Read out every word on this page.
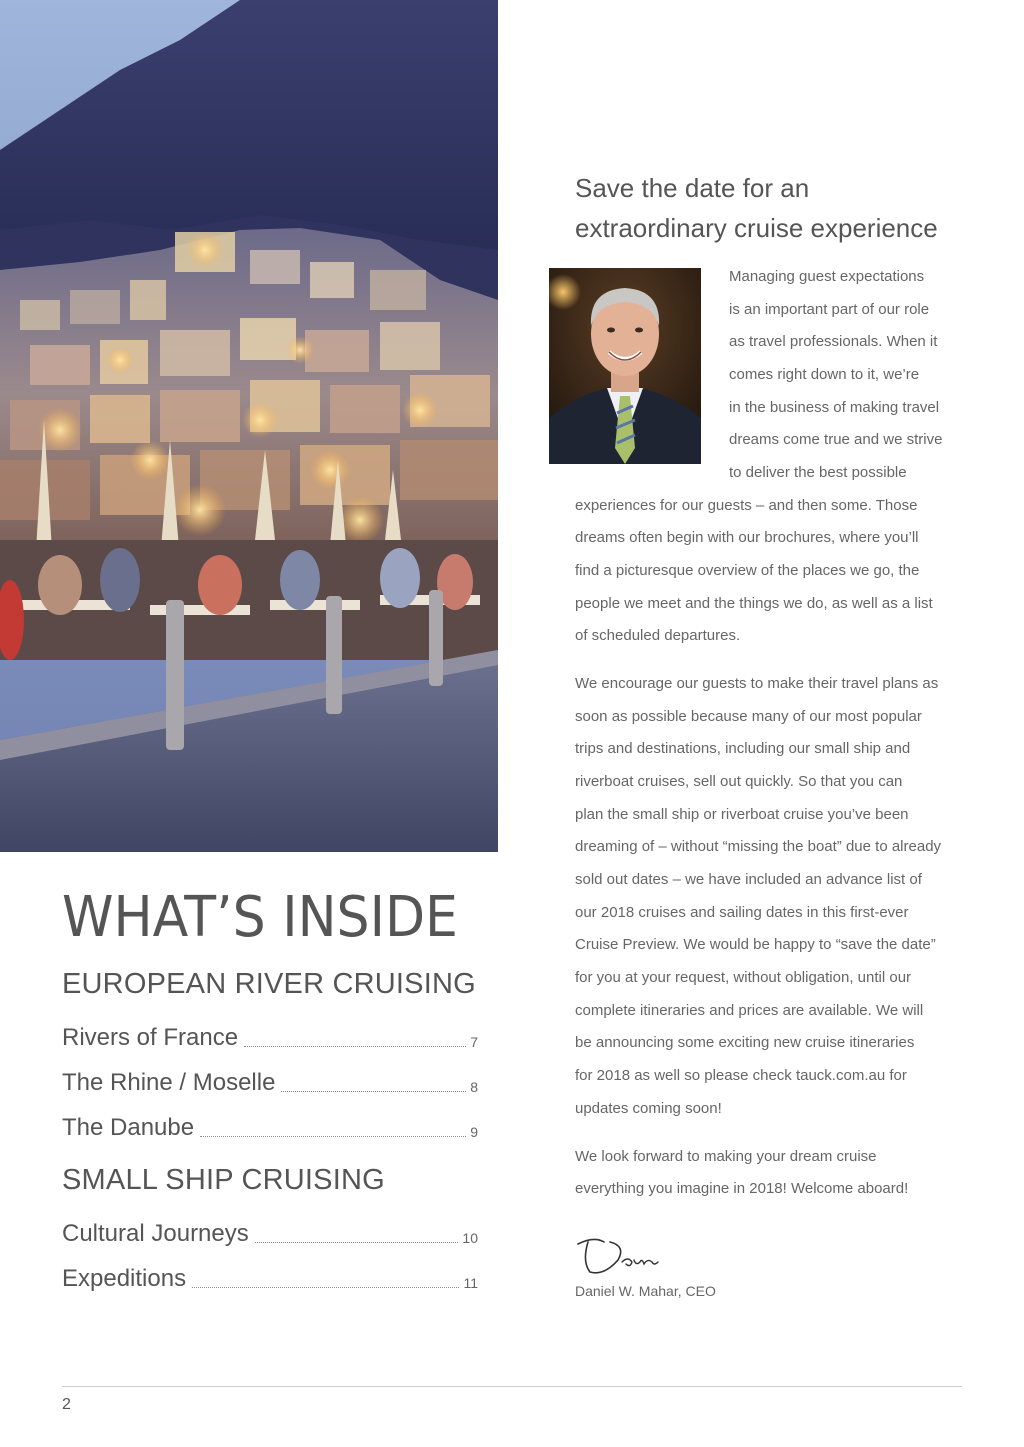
WHAT’S INSIDE
EUROPEAN RIVER CRUISING
Rivers of France	7
The Rhine / Moselle	8
The Danube	9
SMALL SHIP CRUISING
Cultural Journeys	10
Expeditions	11
Save the date for an
extraordinary cruise experience
Managing guest expectations
is an important part of our role
as travel professionals. When it
comes right down to it, we’re
in the business of making travel
dreams come true and we strive
to deliver the best possible
experiences for our guests – and then some. Those
dreams often begin with our brochures, where you’ll
find a picturesque overview of the places we go, the
people we meet and the things we do, as well as a list
of scheduled departures.
We encourage our guests to make their travel plans as
soon as possible because many of our most popular
trips and destinations, including our small ship and
riverboat cruises, sell out quickly. So that you can
plan the small ship or riverboat cruise you’ve been
dreaming of – without “missing the boat” due to already
sold out dates – we have included an advance list of
our 2018 cruises and sailing dates in this first-ever
Cruise Preview. We would be happy to “save the date”
for you at your request, without obligation, until our
complete itineraries and prices are available. We will
be announcing some exciting new cruise itineraries
for 2018 as well so please check tauck.com.au for
updates coming soon!
We look forward to making your dream cruise
everything you imagine in 2018! Welcome aboard!
Daniel W. Mahar, CEO
2
